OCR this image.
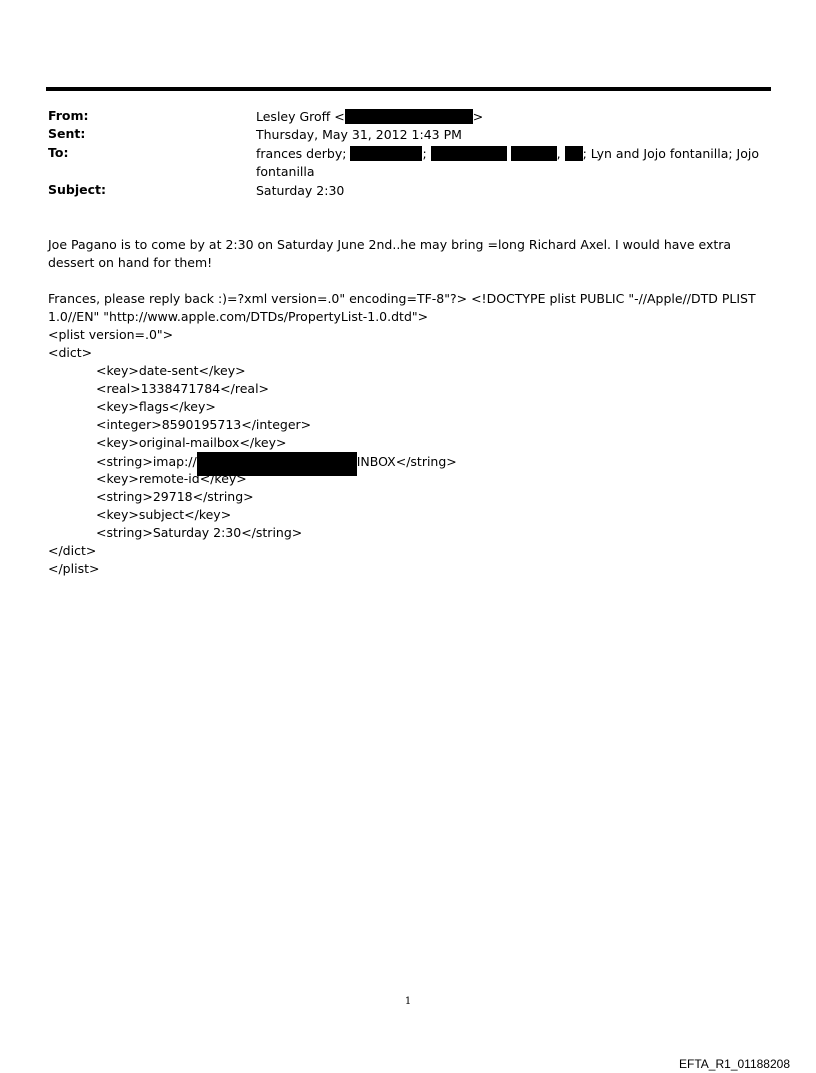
From:	Lesley Groff <	>
Sent:	Thursday, May 31, 2012 1:43 PM
To:	frances derby;	;	, ; Lyn and Jojo fontanilla; Jojo fontanilla
Subject:	Saturday 2:30
Joe Pagano is to come by at 2:30 on Saturday June 2nd..he may bring =long Richard Axel. I would have extra dessert on hand for them!
Frances, please reply back :)=?xml version=.0" encoding=TF-8"?> <!DOCTYPE plist PUBLIC "-//Apple//DTD PLIST 1.0//EN" "http://www.apple.com/DTDs/PropertyList-1.0.dtd">
<plist version=.0">
<dict>
<key>date-sent</key>
<real>1338471784</real>
<key>flags</key>
<integer>8590195713</integer>
<key>original-mailbox</key>
<string>imap://	INBOX</string>
<key>remote-id</key>
<string>29718</string>
<key>subject</key>
<string>Saturday 2:30</string>
</dict>
</plist>
1
EFTA_R1_01188208
